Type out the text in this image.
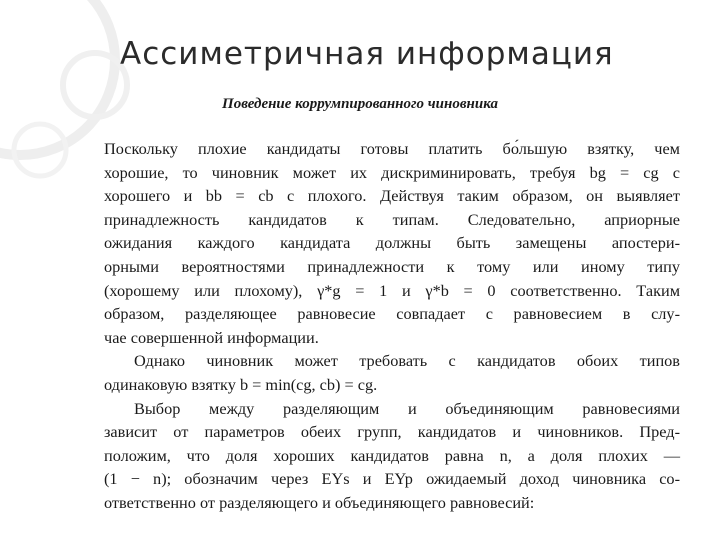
Ассиметричная информация
Поведение коррумпированного чиновника
Поскольку плохие кандидаты готовы платить бо́льшую взятку, чем
хорошие, то чиновник может их дискриминировать, требуя bg = cg с
хорошего и bb = cb с плохого. Действуя таким образом, он выявляет
принадлежность кандидатов к типам. Следовательно, априорные
ожидания каждого кандидата должны быть замещены апостери-
орными вероятностями принадлежности к тому или иному типу
(хорошему или плохому), γ*g = 1 и γ*b = 0 соответственно. Таким
образом, разделяющее равновесие совпадает с равновесием в слу-
чае совершенной информации.
Однако чиновник может требовать с кандидатов обоих типов
одинаковую взятку b = min(cg, cb) = cg.
Выбор между разделяющим и объединяющим равновесиями
зависит от параметров обеих групп, кандидатов и чиновников. Пред-
положим, что доля хороших кандидатов равна n, а доля плохих —
(1 − n); обозначим через EYs и EYp ожидаемый доход чиновника со-
ответственно от разделяющего и объединяющего равновесий:
